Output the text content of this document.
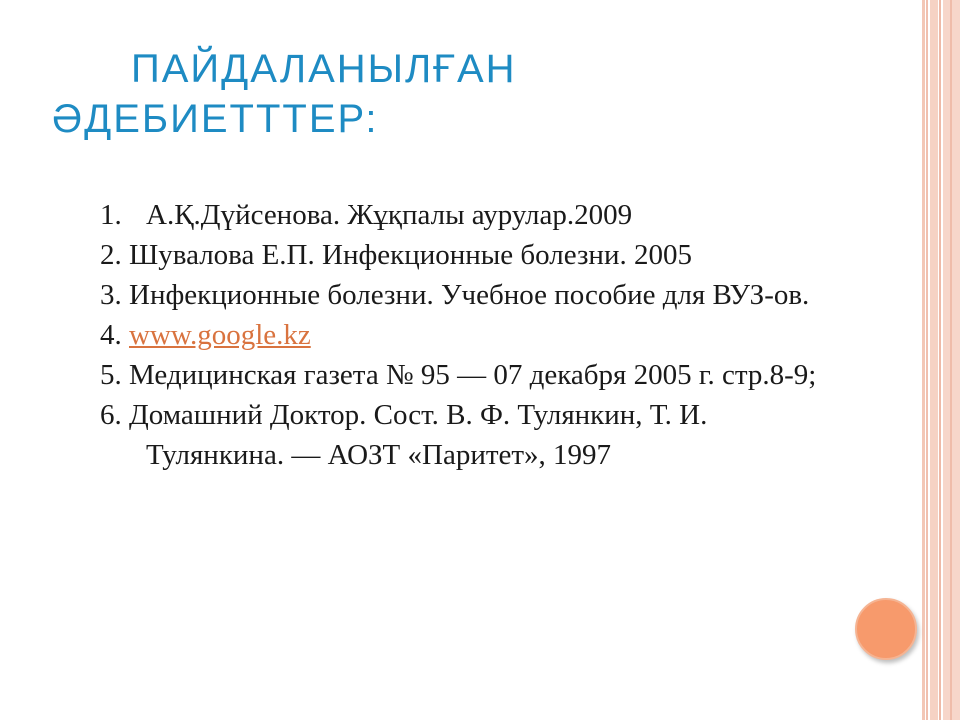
ПАЙДАЛАНЫЛҒАН
ӘДЕБИЕТТТЕР:
1. А.Қ.Дүйсенова. Жұқпалы аурулар.2009
2. Шувалова Е.П. Инфекционные болезни. 2005
3. Инфекционные болезни. Учебное пособие для ВУЗ-ов.
4. www.google.kz
5. Медицинская газета № 95 — 07 декабря 2005 г. стр.8-9;
6. Домашний Доктор. Сост. В. Ф. Тулянкин, Т. И. Тулянкина. — АОЗТ «Паритет», 1997
